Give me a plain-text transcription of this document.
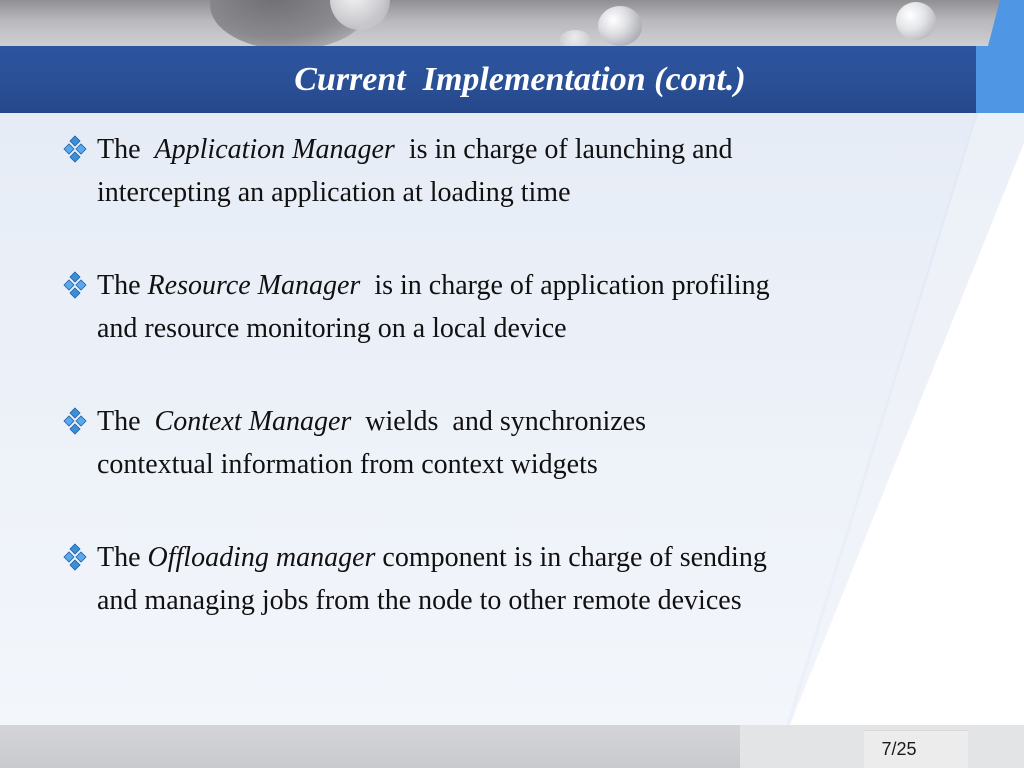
Current  Implementation (cont.)
The  Application Manager  is in charge of launching and
intercepting an application at loading time
The Resource Manager  is in charge of application profiling
and resource monitoring on a local device
The  Context Manager  wields  and synchronizes
contextual information from context widgets
The Offloading manager component is in charge of sending
and managing jobs from the node to other remote devices
7/25
